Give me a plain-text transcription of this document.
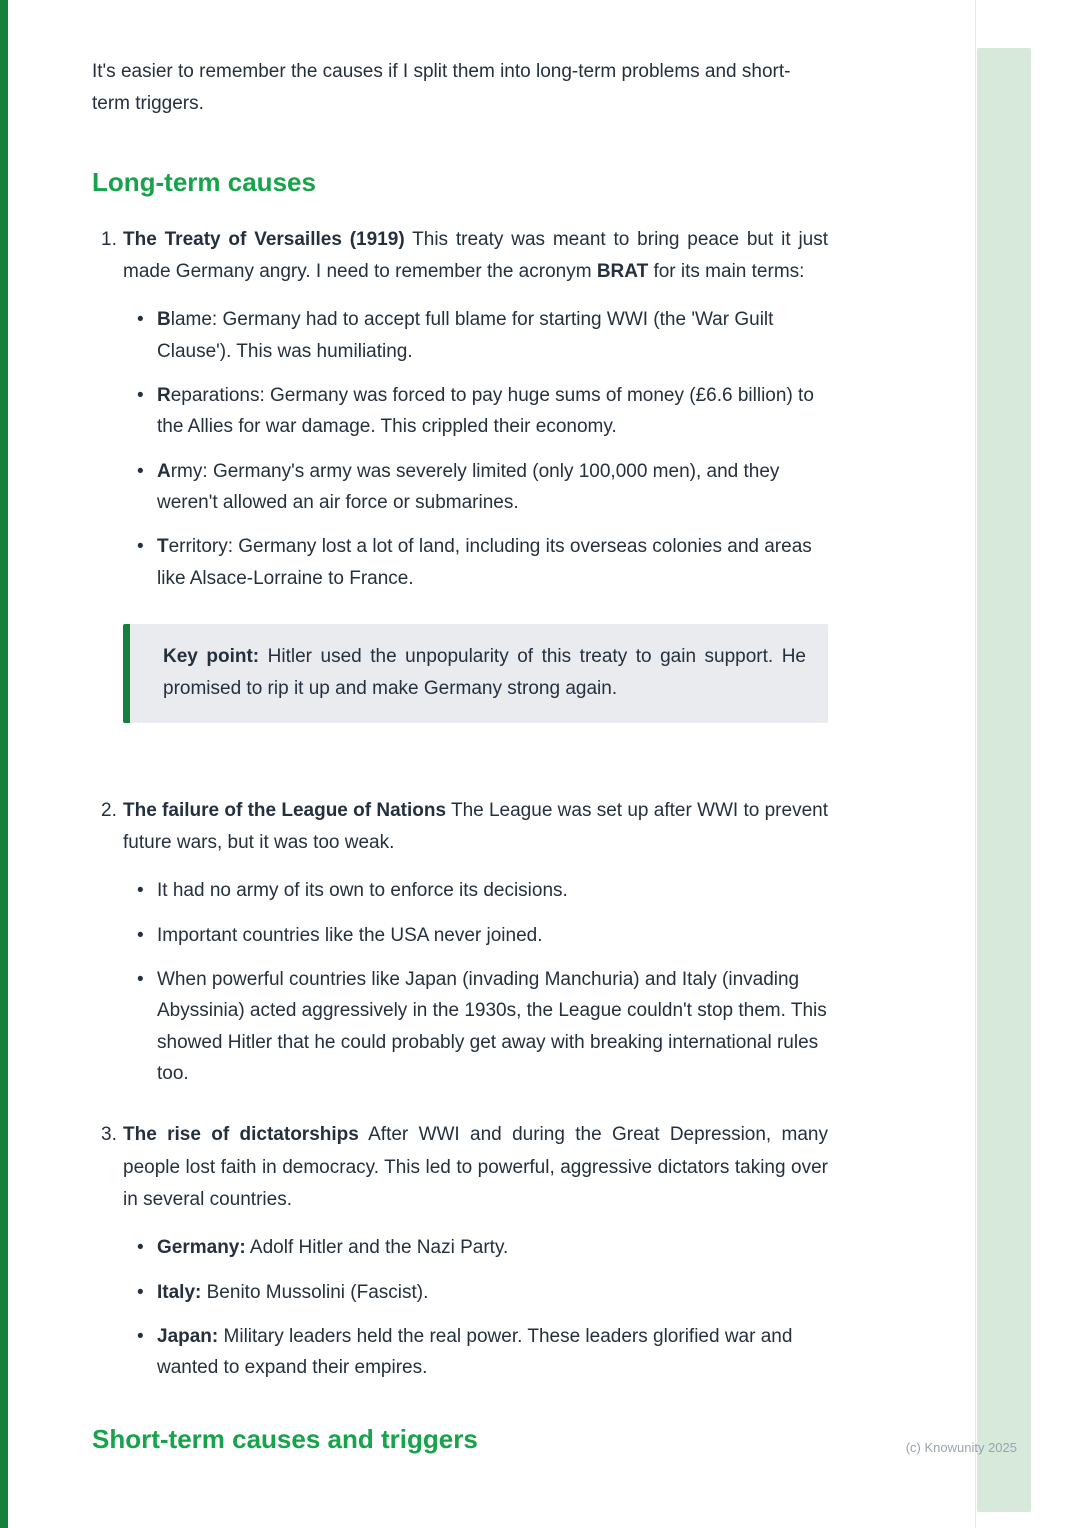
It's easier to remember the causes if I split them into long-term problems and short-term triggers.

Long-term causes
1. The Treaty of Versailles (1919) This treaty was meant to bring peace but it just made Germany angry. I need to remember the acronym BRAT for its main terms:

• Blame: Germany had to accept full blame for starting WWI (the 'War Guilt Clause'). This was humiliating.
• Reparations: Germany was forced to pay huge sums of money (£6.6 billion) to the Allies for war damage. This crippled their economy.
• Army: Germany's army was severely limited (only 100,000 men), and they weren't allowed an air force or submarines.
• Territory: Germany lost a lot of land, including its overseas colonies and areas like Alsace-Lorraine to France.

Key point: Hitler used the unpopularity of this treaty to gain support. He promised to rip it up and make Germany strong again.

2. The failure of the League of Nations The League was set up after WWI to prevent future wars, but it was too weak.

• It had no army of its own to enforce its decisions.
• Important countries like the USA never joined.
• When powerful countries like Japan (invading Manchuria) and Italy (invading Abyssinia) acted aggressively in the 1930s, the League couldn't stop them. This showed Hitler that he could probably get away with breaking international rules too.
3. The rise of dictatorships After WWI and during the Great Depression, many people lost faith in democracy. This led to powerful, aggressive dictators taking over in several countries.

• Germany: Adolf Hitler and the Nazi Party.
• Italy: Benito Mussolini (Fascist).
• Japan: Military leaders held the real power. These leaders glorified war and wanted to expand their empires.
Short-term causes and triggers	(c) Knowunity 2025
